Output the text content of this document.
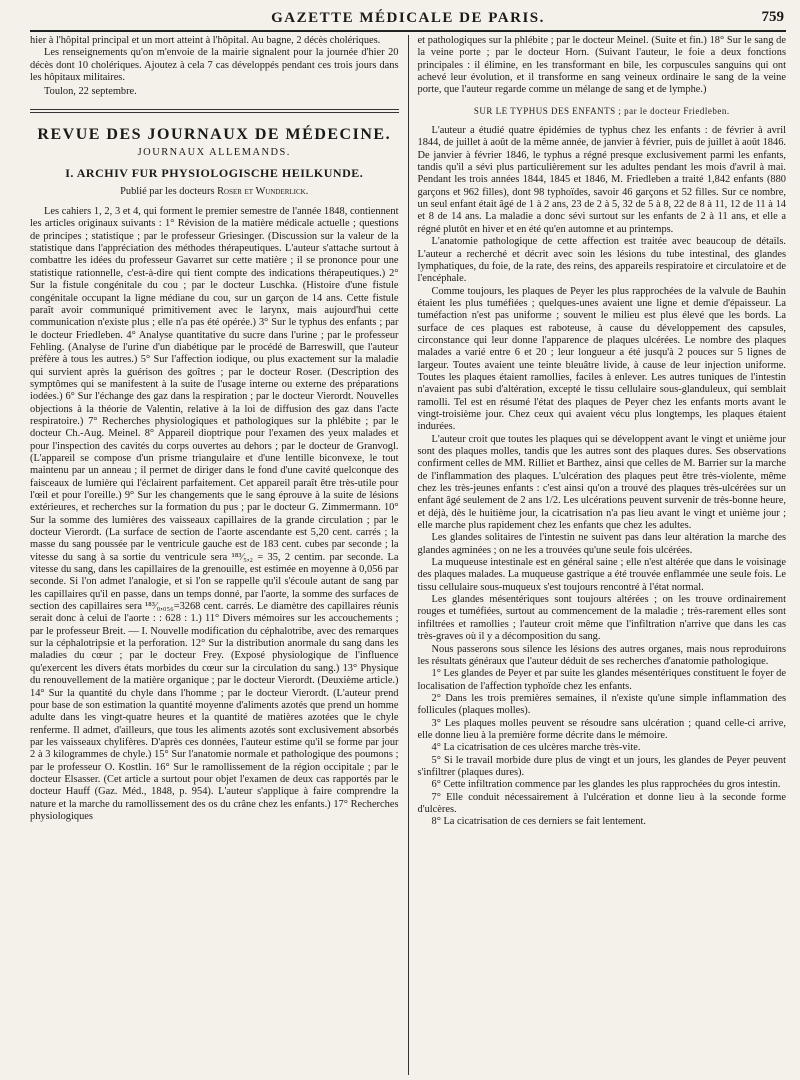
GAZETTE MÉDICALE DE PARIS.	759

hier à l'hôpital principal et un mort atteint à l'hôpital. Au bagne, 2 décès cholériques.

Les renseignements qu'on m'envoie de la mairie signalent pour la journée d'hier 20 décès dont 10 cholériques. Ajoutez à cela 7 cas développés pendant ces trois jours dans les hôpitaux militaires.

Toulon, 22 septembre.

REVUE DES JOURNAUX DE MÉDECINE.
JOURNAUX ALLEMANDS.
I. ARCHIV FUR PHYSIOLOGISCHE HEILKUNDE.
Publié par les docteurs Roser et Wunderlick.

Les cahiers 1, 2, 3 et 4, qui forment le premier semestre de l'année 1848, contiennent les articles originaux suivants : 1° Révision de la matière médicale actuelle ; questions de principes ; statistique ; par le professeur Griesinger. (Discussion sur la valeur de la statistique dans l'appréciation des méthodes thérapeutiques. L'auteur s'attache surtout à combattre les idées du professeur Gavarret sur cette matière ; il se prononce pour une statistique rationnelle, c'est-à-dire qui tient compte des indications thérapeutiques.) 2° Sur la fistule congénitale du cou ; par le docteur Luschka. (Histoire d'une fistule congénitale occupant la ligne médiane du cou, sur un garçon de 14 ans. Cette fistule paraît avoir communiqué primitivement avec le larynx, mais aujourd'hui cette communication n'existe plus ; elle n'a pas été opérée.) 3° Sur le typhus des enfants ; par le docteur Friedleben. 4° Analyse quantitative du sucre dans l'urine ; par le professeur Fehling. (Analyse de l'urine d'un diabétique par le procédé de Barreswill, que l'auteur préfère à tous les autres.) 5° Sur l'affection iodique, ou plus exactement sur la maladie qui survient après la guérison des goîtres ; par le docteur Roser. (Description des symptômes qui se manifestent à la suite de l'usage interne ou externe des préparations iodées.) 6° Sur l'échange des gaz dans la respiration ; par le docteur Vierordt. Nouvelles objections à la théorie de Valentin, relative à la loi de diffusion des gaz dans l'acte respiratoire.) 7° Recherches physiologiques et pathologiques sur la phlébite ; par le docteur Ch.-Aug. Meinel. 8° Appareil dioptrique pour l'examen des yeux malades et pour l'inspection des cavités du corps ouvertes au dehors ; par le docteur de Granvogl. (L'appareil se compose d'un prisme triangulaire et d'une lentille biconvexe, le tout maintenu par un anneau ; il permet de diriger dans le fond d'une cavité quelconque des faisceaux de lumière qui l'éclairent parfaitement. Cet appareil paraît être très-utile pour l'œil et pour l'oreille.) 9° Sur les changements que le sang éprouve à la suite de lésions extérieures, et recherches sur la formation du pus ; par le docteur G. Zimmermann. 10° Sur la somme des lumières des vaisseaux capillaires de la grande circulation ; par le docteur Vierordt. (La surface de section de l'aorte ascendante est 5,20 cent. carrés ; la masse du sang poussée par le ventricule gauche est de 183 cent. cubes par seconde ; la vitesse du sang à sa sortie du ventricule sera ¹⁸³⁄₅,₂ = 35, 2 centim. par seconde. La vitesse du sang, dans les capillaires de la grenouille, est estimée en moyenne à 0,056 par seconde. Si l'on admet l'analogie, et si l'on se rappelle qu'il s'écoule autant de sang par les capillaires qu'il en passe, dans un temps donné, par l'aorte, la somme des surfaces de section des capillaires sera ¹⁸³⁄₀,₀₅₆=3268 cent. carrés. Le diamètre des capillaires réunis serait donc à celui de l'aorte : : 628 : 1.) 11° Divers mémoires sur les accouchements ; par le professeur Breit. — I. Nouvelle modification du céphalotribe, avec des remarques sur la céphalotripsie et la perforation. 12° Sur la distribution anormale du sang dans les maladies du cœur ; par le docteur Frey. (Exposé physiologique de l'influence qu'exercent les divers états morbides du cœur sur la circulation du sang.) 13° Physique du renouvellement de la matière organique ; par le docteur Vierordt. (Deuxième article.) 14° Sur la quantité du chyle dans l'homme ; par le docteur Vierordt. (L'auteur prend pour base de son estimation la quantité moyenne d'aliments azotés que prend un homme adulte dans les vingt-quatre heures et la quantité de matières azotées que le chyle renferme. Il admet, d'ailleurs, que tous les aliments azotés sont exclusivement absorbés par les vaisseaux chylifères. D'après ces données, l'auteur estime qu'il se forme par jour 2 à 3 kilogrammes de chyle.) 15° Sur l'anatomie normale et pathologique des poumons ; par le professeur O. Kostlin. 16° Sur le ramollissement de la région occipitale ; par le docteur Elsasser. (Cet article a surtout pour objet l'examen de deux cas rapportés par le docteur Hauff (Gaz. Méd., 1848, p. 954). L'auteur s'applique à faire comprendre la nature et la marche du ramollissement des os du crâne chez les enfants.) 17° Recherches physiologiques

et pathologiques sur la phlébite ; par le docteur Meinel. (Suite et fin.) 18° Sur le sang de la veine porte ; par le docteur Horn. (Suivant l'auteur, le foie a deux fonctions principales : il élimine, en les transformant en bile, les corpuscules sanguins qui ont achevé leur évolution, et il transforme en sang veineux ordinaire le sang de la veine porte, que l'auteur regarde comme un mélange de sang et de lymphe.)

SUR LE TYPHUS DES ENFANTS ; par le docteur Friedleben.

L'auteur a étudié quatre épidémies de typhus chez les enfants : de février à avril 1844, de juillet à août de la même année, de janvier à février, puis de juillet à août 1846. De janvier à février 1846, le typhus a régné presque exclusivement parmi les enfants, tandis qu'il a sévi plus particulièrement sur les adultes pendant les mois d'avril à mai. Pendant les trois années 1844, 1845 et 1846, M. Friedleben a traité 1,842 enfants (880 garçons et 962 filles), dont 98 typhoïdes, savoir 46 garçons et 52 filles. Sur ce nombre, un seul enfant était âgé de 1 à 2 ans, 23 de 2 à 5, 32 de 5 à 8, 22 de 8 à 11, 12 de 11 à 14 et 8 de 14 ans. La maladie a donc sévi surtout sur les enfants de 2 à 11 ans, et elle a régné plutôt en hiver et en été qu'en automne et au printemps.

L'anatomie pathologique de cette affection est traitée avec beaucoup de détails. L'auteur a recherché et décrit avec soin les lésions du tube intestinal, des glandes lymphatiques, du foie, de la rate, des reins, des appareils respiratoire et circulatoire et de l'encéphale.

Comme toujours, les plaques de Peyer les plus rapprochées de la valvule de Bauhin étaient les plus tuméfiées ; quelques-unes avaient une ligne et demie d'épaisseur. La tuméfaction n'est pas uniforme ; souvent le milieu est plus élevé que les bords. La surface de ces plaques est raboteuse, à cause du développement des capsules, circonstance qui leur donne l'apparence de plaques ulcérées. Le nombre des plaques malades a varié entre 6 et 20 ; leur longueur a été jusqu'à 2 pouces sur 5 lignes de largeur. Toutes avaient une teinte bleuâtre livide, à cause de leur injection uniforme. Toutes les plaques étaient ramollies, faciles à enlever. Les autres tuniques de l'intestin n'avaient pas subi d'altération, excepté le tissu cellulaire sous-glanduleux, qui semblait ramolli. Tel est en résumé l'état des plaques de Peyer chez les enfants morts avant le vingt-troisième jour. Chez ceux qui avaient vécu plus longtemps, les plaques étaient indurées.

L'auteur croit que toutes les plaques qui se développent avant le vingt et unième jour sont des plaques molles, tandis que les autres sont des plaques dures. Ses observations confirment celles de MM. Rilliet et Barthez, ainsi que celles de M. Barrier sur la marche de l'inflammation des plaques. L'ulcération des plaques peut être très-violente, même chez les très-jeunes enfants : c'est ainsi qu'on a trouvé des plaques très-ulcérées sur un enfant âgé seulement de 2 ans 1/2. Les ulcérations peuvent survenir de très-bonne heure, et déjà, dès le huitième jour, la cicatrisation n'a pas lieu avant le vingt et unième jour ; elle marche plus rapidement chez les enfants que chez les adultes.

Les glandes solitaires de l'intestin ne suivent pas dans leur altération la marche des glandes agminées ; on ne les a trouvées qu'une seule fois ulcérées.

La muqueuse intestinale est en général saine ; elle n'est altérée que dans le voisinage des plaques malades. La muqueuse gastrique a été trouvée enflammée une seule fois. Le tissu cellulaire sous-muqueux s'est toujours rencontré à l'état normal.

Les glandes mésentériques sont toujours altérées ; on les trouve ordinairement rouges et tuméfiées, surtout au commencement de la maladie ; très-rarement elles sont infiltrées et ramollies ; l'auteur croit même que l'infiltration n'arrive que dans les cas très-graves où il y a décomposition du sang.

Nous passerons sous silence les lésions des autres organes, mais nous reproduirons les résultats généraux que l'auteur déduit de ses recherches d'anatomie pathologique.

1° Les glandes de Peyer et par suite les glandes mésentériques constituent le foyer de localisation de l'affection typhoïde chez les enfants.

2° Dans les trois premières semaines, il n'existe qu'une simple inflammation des follicules (plaques molles).

3° Les plaques molles peuvent se résoudre sans ulcération ; quand celle-ci arrive, elle donne lieu à la première forme décrite dans le mémoire.

4° La cicatrisation de ces ulcères marche très-vite.

5° Si le travail morbide dure plus de vingt et un jours, les glandes de Peyer peuvent s'infiltrer (plaques dures).

6° Cette infiltration commence par les glandes les plus rapprochées du gros intestin.

7° Elle conduit nécessairement à l'ulcération et donne lieu à la seconde forme d'ulcères.

8° La cicatrisation de ces derniers se fait lentement.
